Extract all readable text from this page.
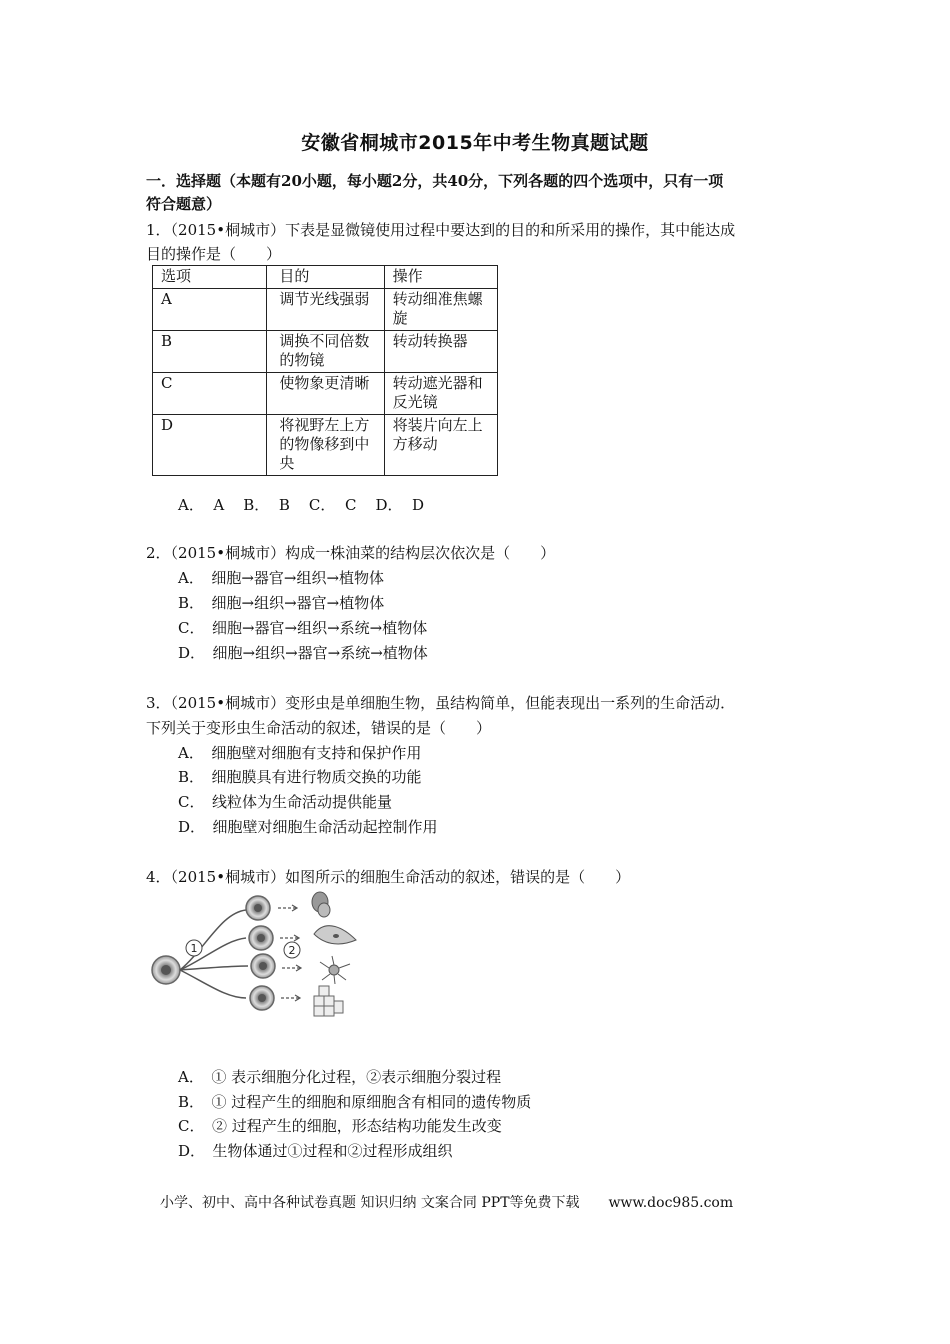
安徽省桐城市2015年中考生物真题试题
一．选择题（本题有20小题，每小题2分，共40分，下列各题的四个选项中，只有一项
符合题意）
1．（2015•桐城市）下表是显微镜使用过程中要达到的目的和所采用的操作，其中能达成
目的操作是（　　）
选项	目的	操作
A	调节光线强弱	转动细准焦螺旋
B	调换不同倍数的物镜	转动转换器
C	使物象更清晰	转动遮光器和反光镜
D	将视野左上方的物像移到中央	将装片向左上方移动
A．  A    B．  B    C．  C    D．  D
2．（2015•桐城市）构成一株油菜的结构层次依次是（　　）
A．　细胞→器官→组织→植物体
B．　细胞→组织→器官→植物体
C．　细胞→器官→组织→系统→植物体
D．　细胞→组织→器官→系统→植物体
3．（2015•桐城市）变形虫是单细胞生物，虽结构简单，但能表现出一系列的生命活动．
下列关于变形虫生命活动的叙述，错误的是（　　）
A．　细胞壁对细胞有支持和保护作用
B．　细胞膜具有进行物质交换的功能
C．　线粒体为生命活动提供能量
D．　细胞壁对细胞生命活动起控制作用
4．（2015•桐城市）如图所示的细胞生命活动的叙述，错误的是（　　）
1	2
A．　① 表示细胞分化过程，②表示细胞分裂过程
B．　① 过程产生的细胞和原细胞含有相同的遗传物质
C．　② 过程产生的细胞，形态结构功能发生改变
D．　生物体通过①过程和②过程形成组织
小学、初中、高中各种试卷真题 知识归纳 文案合同 PPT等免费下载 www.doc985.com
